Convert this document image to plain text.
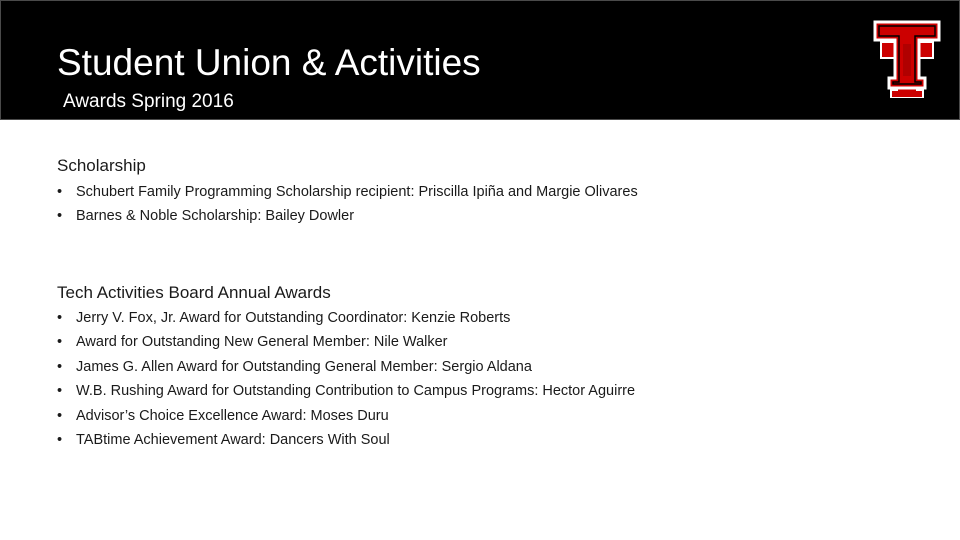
Student Union & Activities
Awards Spring 2016
Scholarship
• Schubert Family Programming Scholarship recipient: Priscilla Ipiña and Margie Olivares
• Barnes & Noble Scholarship: Bailey Dowler
Tech Activities Board Annual Awards
• Jerry V. Fox, Jr. Award for Outstanding Coordinator: Kenzie Roberts
• Award for Outstanding New General Member: Nile Walker
• James G. Allen Award for Outstanding General Member: Sergio Aldana
• W.B. Rushing Award for Outstanding Contribution to Campus Programs: Hector Aguirre
• Advisor’s Choice Excellence Award: Moses Duru
• TABtime Achievement Award: Dancers With Soul
